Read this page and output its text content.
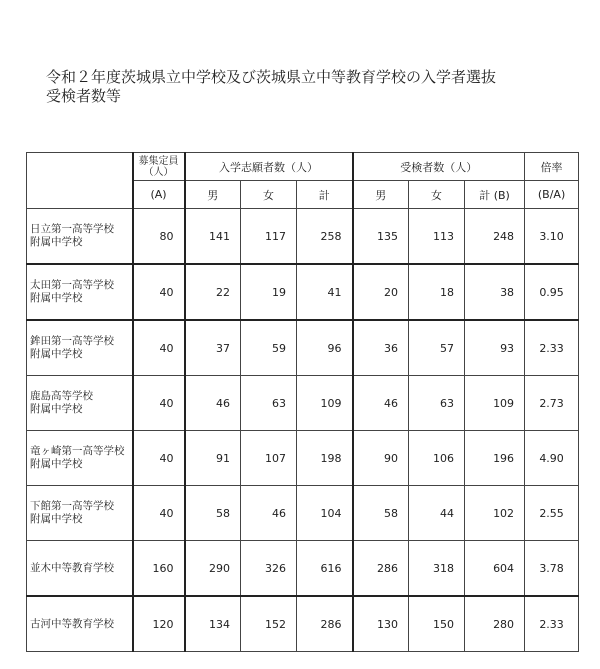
令和２年度茨城県立中学校及び茨城県立中等教育学校の入学者選抜
受検者数等
	募集定員（人）	入学志願者数（人）			受検者数（人）			倍率
	(A)	男	女	計	男	女	計 (B)	(B/A)

日立第一高等学校
附属中学校	80	141	117	258	135	113	248	3.10

太田第一高等学校
附属中学校	40	22	19	41	20	18	38	0.95

鉾田第一高等学校
附属中学校	40	37	59	96	36	57	93	2.33

鹿島高等学校
附属中学校	40	46	63	109	46	63	109	2.73

竜ヶ崎第一高等学校
附属中学校	40	91	107	198	90	106	196	4.90

下館第一高等学校
附属中学校	40	58	46	104	58	44	102	2.55

並木中等教育学校	160	290	326	616	286	318	604	3.78

古河中等教育学校	120	134	152	286	130	150	280	2.33
